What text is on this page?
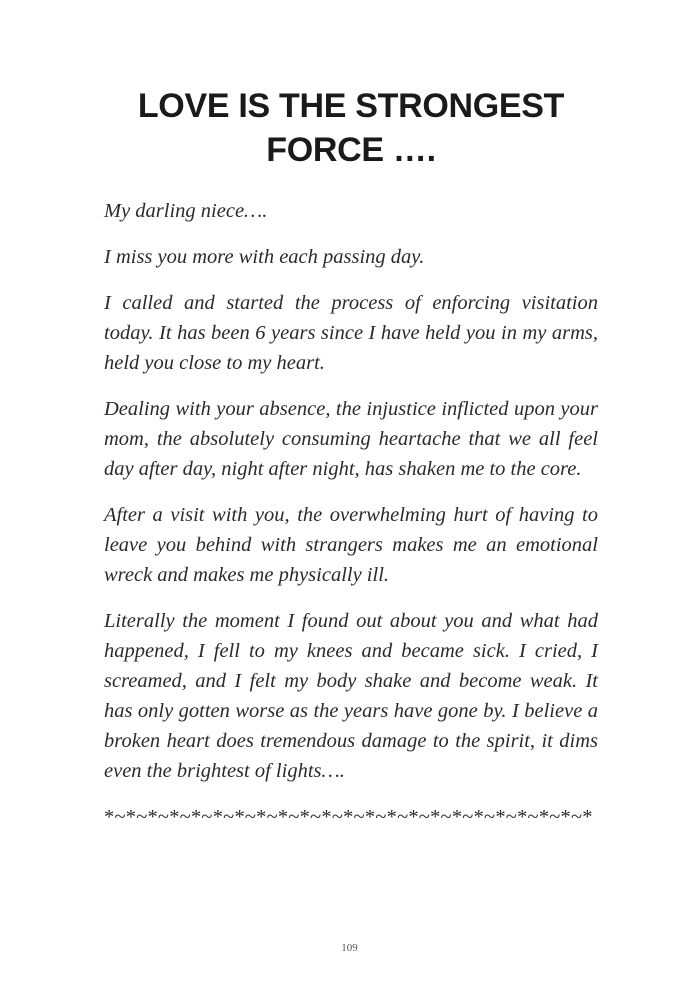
LOVE IS THE STRONGEST
FORCE ….

My darling niece….

I miss you more with each passing day.

I called and started the process of enforcing visitation today. It has been 6 years since I have held you in my arms, held you close to my heart.

Dealing with your absence, the injustice inflicted upon your mom, the absolutely consuming heartache that we all feel day after day, night after night, has shaken me to the core.

After a visit with you, the overwhelming hurt of having to leave you behind with strangers makes me an emotional wreck and makes me physically ill.

Literally the moment I found out about you and what had happened, I fell to my knees and became sick. I cried, I screamed, and I felt my body shake and become weak. It has only gotten worse as the years have gone by. I believe a broken heart does tremendous damage to the spirit, it dims even the brightest of lights….

*~*~*~*~*~*~*~*~*~*~*~*~*~*~*~*~*~*~*~*~*~*~*

109
